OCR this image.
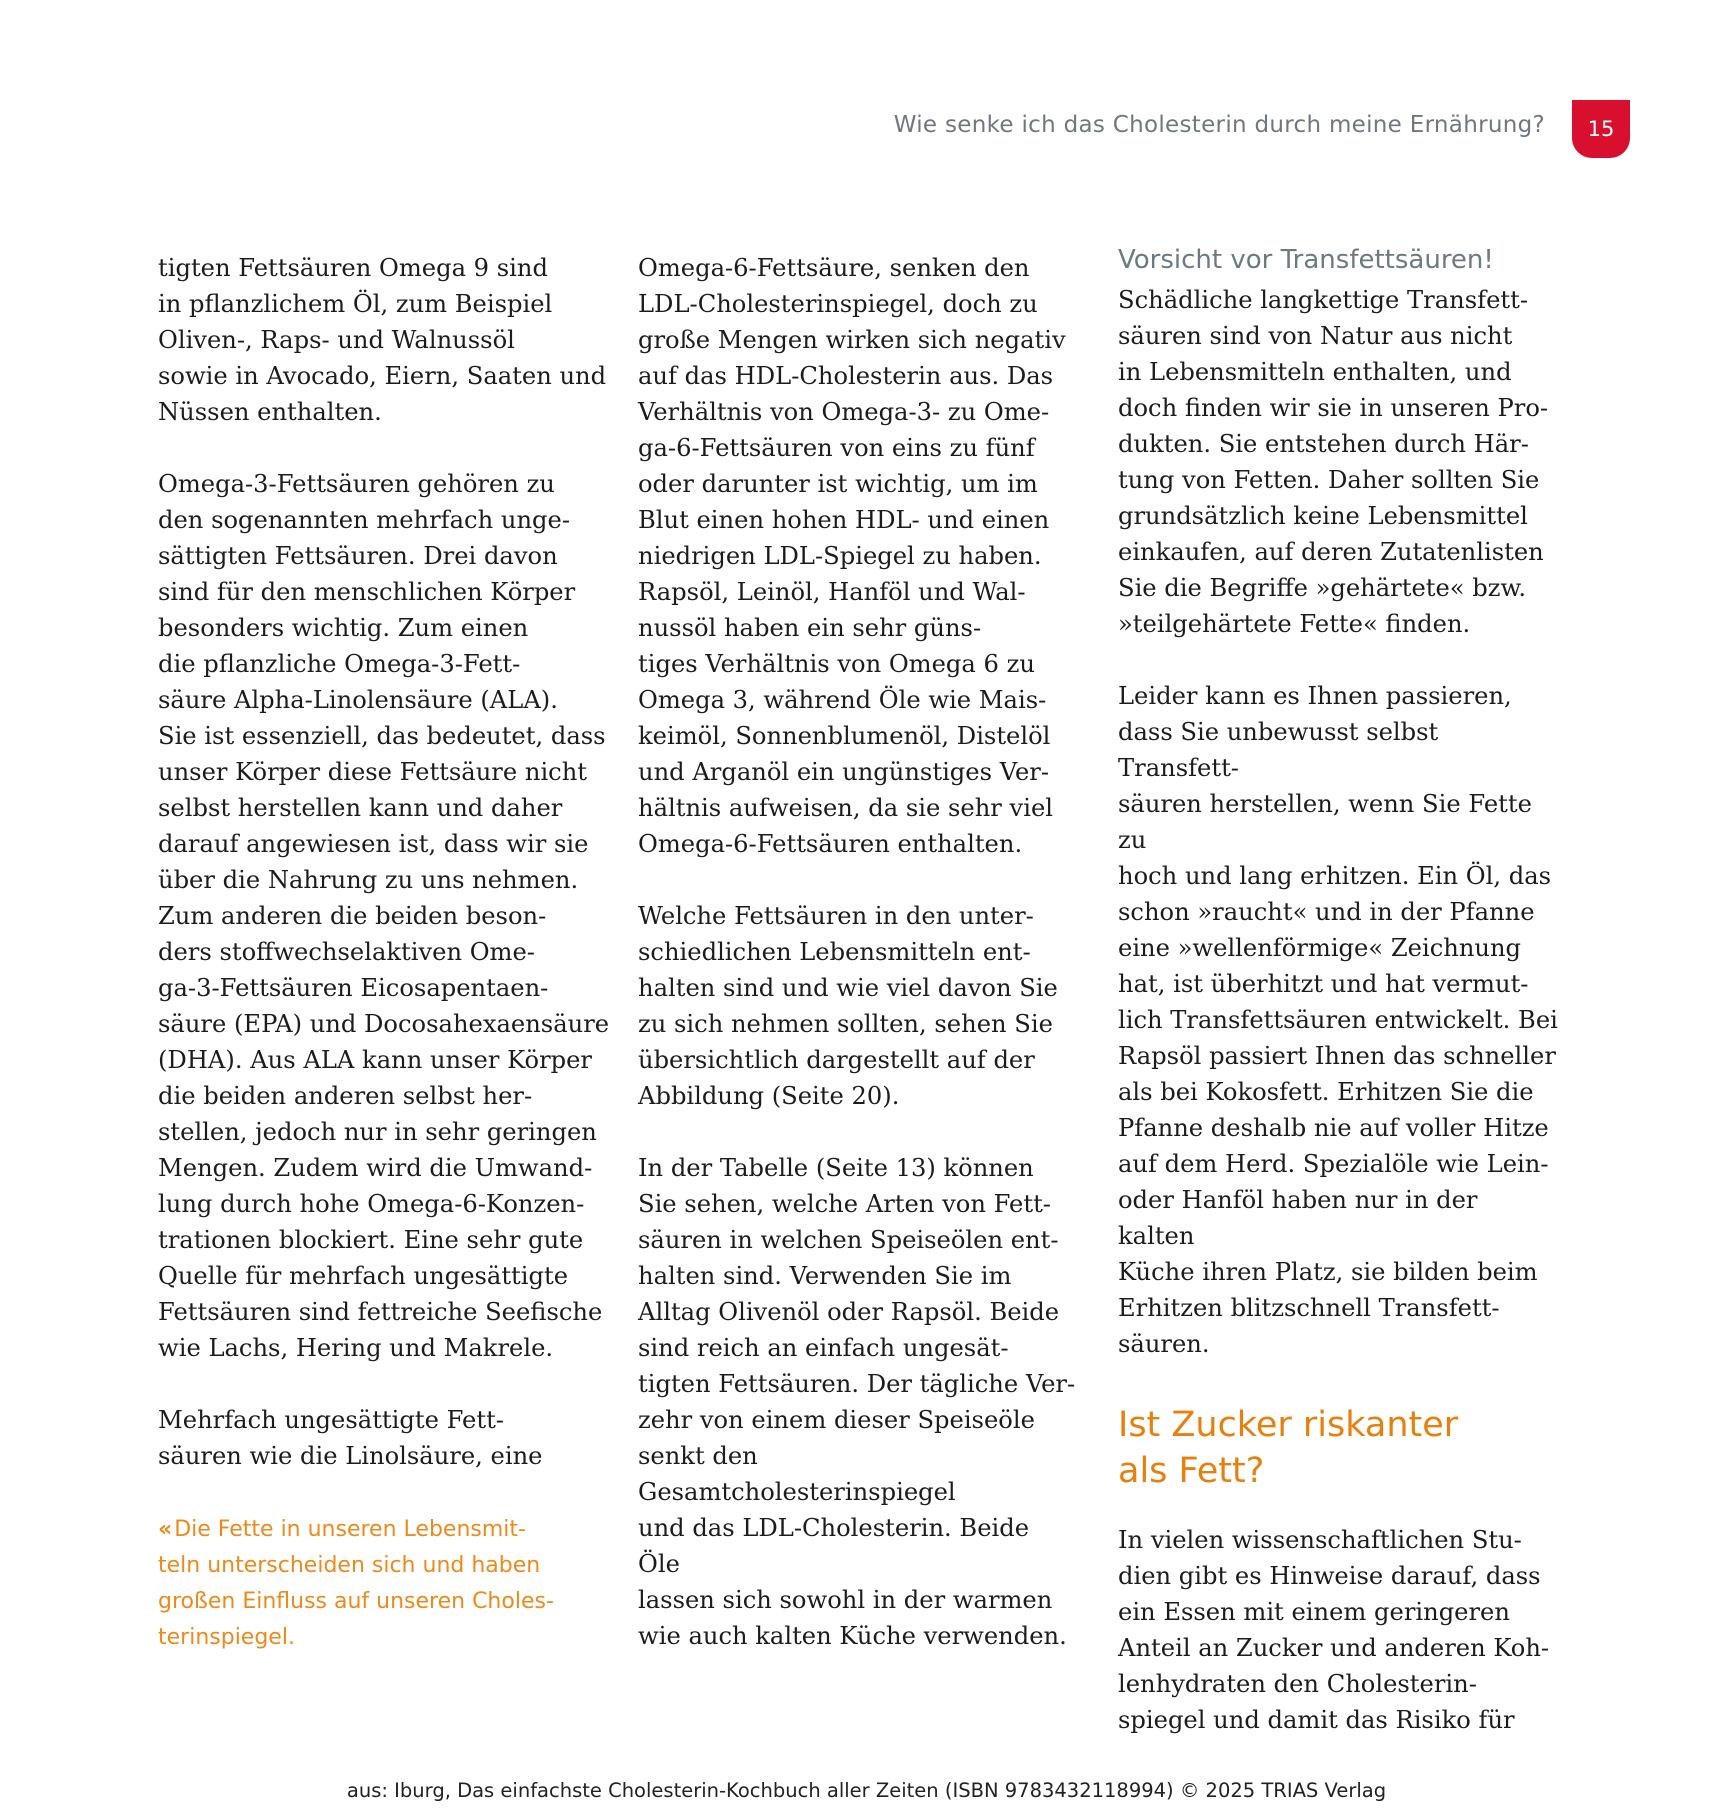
Wie senke ich das Cholesterin durch meine Ernährung? 15

tigten Fettsäuren Omega 9 sind
in pflanzlichem Öl, zum Beispiel
Oliven-, Raps- und Walnussöl
sowie in Avocado, Eiern, Saaten und
Nüssen enthalten.

Omega-3-Fettsäuren gehören zu
den sogenannten mehrfach unge-
sättigten Fettsäuren. Drei davon
sind für den menschlichen Körper
besonders wichtig. Zum einen
die pflanzliche Omega-3-Fett-
säure Alpha-Linolensäure (ALA).
Sie ist essenziell, das bedeutet, dass
unser Körper diese Fettsäure nicht
selbst herstellen kann und daher
darauf angewiesen ist, dass wir sie
über die Nahrung zu uns nehmen.
Zum anderen die beiden beson-
ders stoffwechselaktiven Ome-
ga-3-Fettsäuren Eicosapentaen-
säure (EPA) und Docosahexaensäure
(DHA). Aus ALA kann unser Körper
die beiden anderen selbst her-
stellen, jedoch nur in sehr geringen
Mengen. Zudem wird die Umwand-
lung durch hohe Omega-6-Konzen-
trationen blockiert. Eine sehr gute
Quelle für mehrfach ungesättigte
Fettsäuren sind fettreiche Seefische
wie Lachs, Hering und Makrele.

Mehrfach ungesättigte Fett-
säuren wie die Linolsäure, eine

«Die Fette in unseren Lebensmit-
teln unterscheiden sich und haben
großen Einfluss auf unseren Choles-
terinspiegel.

Omega-6-Fettsäure, senken den
LDL-Cholesterinspiegel, doch zu
große Mengen wirken sich negativ
auf das HDL-Cholesterin aus. Das
Verhältnis von Omega-3- zu Ome-
ga-6-Fettsäuren von eins zu fünf
oder darunter ist wichtig, um im
Blut einen hohen HDL- und einen
niedrigen LDL-Spiegel zu haben.
Rapsöl, Leinöl, Hanföl und Wal-
nussöl haben ein sehr güns-
tiges Verhältnis von Omega 6 zu
Omega 3, während Öle wie Mais-
keimöl, Sonnenblumenöl, Distelöl
und Arganöl ein ungünstiges Ver-
hältnis aufweisen, da sie sehr viel
Omega-6-Fettsäuren enthalten.

Welche Fettsäuren in den unter-
schiedlichen Lebensmitteln ent-
halten sind und wie viel davon Sie
zu sich nehmen sollten, sehen Sie
übersichtlich dargestellt auf der
Abbildung (Seite 20).

In der Tabelle (Seite 13) können
Sie sehen, welche Arten von Fett-
säuren in welchen Speiseölen ent-
halten sind. Verwenden Sie im
Alltag Olivenöl oder Rapsöl. Beide
sind reich an einfach ungesät-
tigten Fettsäuren. Der tägliche Ver-
zehr von einem dieser Speiseöle
senkt den Gesamtcholesterinspiegel
und das LDL-Cholesterin. Beide Öle
lassen sich sowohl in der warmen
wie auch kalten Küche verwenden.

Vorsicht vor Transfettsäuren!

Schädliche langkettige Transfett-
säuren sind von Natur aus nicht
in Lebensmitteln enthalten, und
doch finden wir sie in unseren Pro-
dukten. Sie entstehen durch Här-
tung von Fetten. Daher sollten Sie
grundsätzlich keine Lebensmittel
einkaufen, auf deren Zutatenlisten
Sie die Begriffe »gehärtete« bzw.
»teilgehärtete Fette« finden.

Leider kann es Ihnen passieren,
dass Sie unbewusst selbst Transfett-
säuren herstellen, wenn Sie Fette zu
hoch und lang erhitzen. Ein Öl, das
schon »raucht« und in der Pfanne
eine »wellenförmige« Zeichnung
hat, ist überhitzt und hat vermut-
lich Transfettsäuren entwickelt. Bei
Rapsöl passiert Ihnen das schneller
als bei Kokosfett. Erhitzen Sie die
Pfanne deshalb nie auf voller Hitze
auf dem Herd. Spezialöle wie Lein-
oder Hanföl haben nur in der kalten
Küche ihren Platz, sie bilden beim
Erhitzen blitzschnell Transfett-
säuren.

Ist Zucker riskanter
als Fett?

In vielen wissenschaftlichen Stu-
dien gibt es Hinweise darauf, dass
ein Essen mit einem geringeren
Anteil an Zucker und anderen Koh-
lenhydraten den Cholesterin-
spiegel und damit das Risiko für

aus: Iburg, Das einfachste Cholesterin-Kochbuch aller Zeiten (ISBN 9783432118994) © 2025 TRIAS Verlag
